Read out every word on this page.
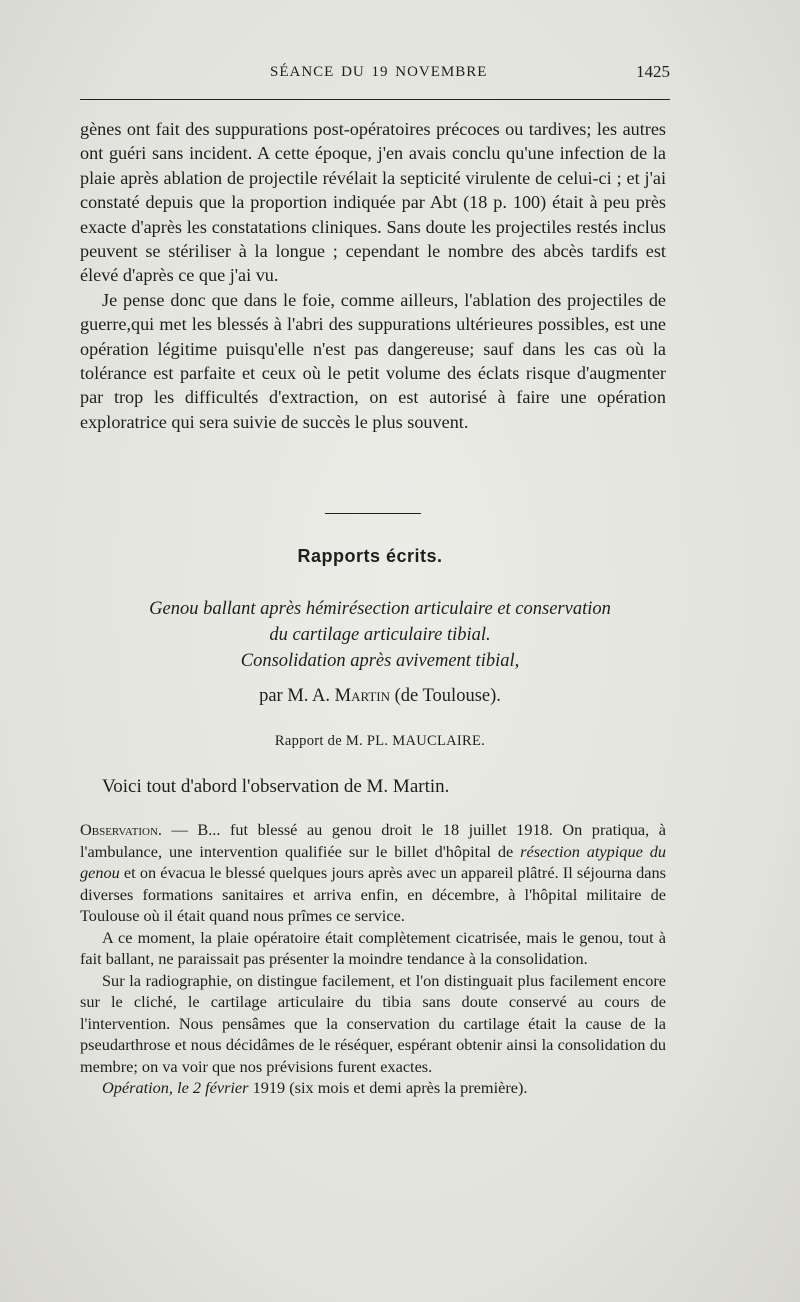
SÉANCE DU 19 NOVEMBRE	1425

gènes ont fait des suppurations post-opératoires précoces ou tardives; les autres ont guéri sans incident. A cette époque, j'en avais conclu qu'une infection de la plaie après ablation de projectile révélait la septicité virulente de celui-ci ; et j'ai constaté depuis que la proportion indiquée par Abt (18 p. 100) était à peu près exacte d'après les constatations cliniques. Sans doute les projectiles restés inclus peuvent se stériliser à la longue ; cependant le nombre des abcès tardifs est élevé d'après ce que j'ai vu.

Je pense donc que dans le foie, comme ailleurs, l'ablation des projectiles de guerre,qui met les blessés à l'abri des suppurations ultérieures possibles, est une opération légitime puisqu'elle n'est pas dangereuse; sauf dans les cas où la tolérance est parfaite et ceux où le petit volume des éclats risque d'augmenter par trop les difficultés d'extraction, on est autorisé à faire une opération exploratrice qui sera suivie de succès le plus souvent.

Rapports écrits.
Genou ballant après hémirésection articulaire et conservation
du cartilage articulaire tibial.
Consolidation après avivement tibial,
par M. A. Martin (de Toulouse).
Rapport de M. PL. MAUCLAIRE.
Voici tout d'abord l'observation de M. Martin.

Observation. — B... fut blessé au genou droit le 18 juillet 1918. On pratiqua, à l'ambulance, une intervention qualifiée sur le billet d'hôpital de résection atypique du genou et on évacua le blessé quelques jours après avec un appareil plâtré. Il séjourna dans diverses formations sanitaires et arriva enfin, en décembre, à l'hôpital militaire de Toulouse où il était quand nous prîmes ce service.

A ce moment, la plaie opératoire était complètement cicatrisée, mais le genou, tout à fait ballant, ne paraissait pas présenter la moindre tendance à la consolidation.

Sur la radiographie, on distingue facilement, et l'on distinguait plus facilement encore sur le cliché, le cartilage articulaire du tibia sans doute conservé au cours de l'intervention. Nous pensâmes que la conservation du cartilage était la cause de la pseudarthrose et nous décidâmes de le réséquer, espérant obtenir ainsi la consolidation du membre; on va voir que nos prévisions furent exactes.

Opération, le 2 février 1919 (six mois et demi après la première).
